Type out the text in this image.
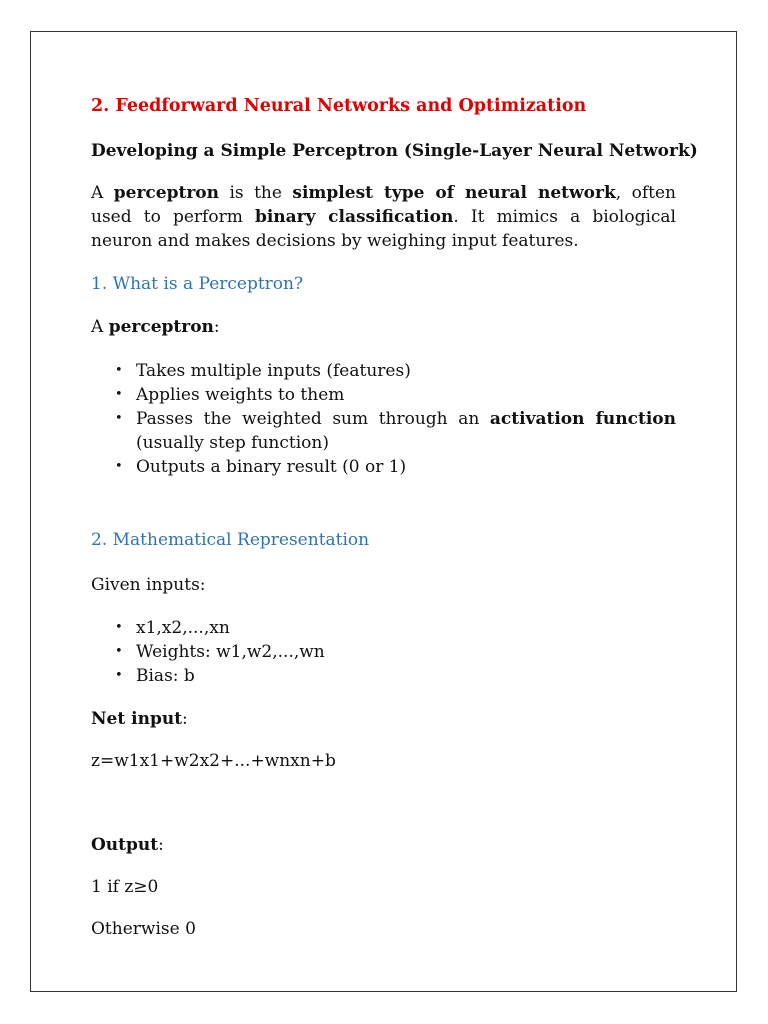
2. Feedforward Neural Networks and Optimization
Developing a Simple Perceptron (Single-Layer Neural Network)
A perceptron is the simplest type of neural network, often used to perform binary classification. It mimics a biological neuron and makes decisions by weighing input features.
1. What is a Perceptron?
A perceptron:
• Takes multiple inputs (features)
• Applies weights to them
• Passes the weighted sum through an activation function (usually step function)
• Outputs a binary result (0 or 1)
2. Mathematical Representation
Given inputs:
• x1,x2,...,xn
• Weights: w1,w2,...,wn
• Bias: b
Net input:
z=w1x1+w2x2+...+wnxn+b
Output:
1 if z≥0
Otherwise 0
